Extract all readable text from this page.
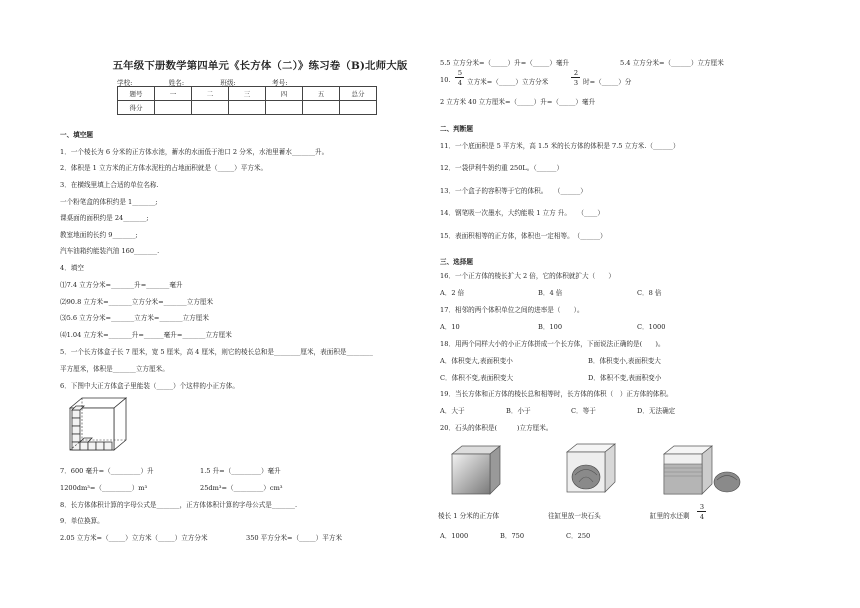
五年级下册数学第四单元《长方体（二）》练习卷（B)北师大版
学校:___________姓名:___________班级:___________考号:___________
题号	一	二	三	四	五	总分
得分						
一、填空题
1．一个棱长为 6 分米的正方体水池，蓄水的水面低于池口 2 分米，水池里蓄水_______升。
2．体积是 1 立方米的正方体水泥柱的占地面积就是（_____）平方米。
3．在横线里填上合适的单位名称.
一个粉笔盒的体积约是 1_______;
课桌面的面积约是 24_______;
教室地面的长约 9_______;
汽车油箱约能装汽油 160_______.
4．填空
⑴7.4 立方分米=_______升=_______毫升
⑵90.8 立方米=_______立方分米=_______立方厘米
⑶5.6 立方分米=_______立方米=_______立方厘米
⑷1.04 立方米=_______升=______毫升=_______立方厘米
5．一个长方体盒子长 7 厘米，宽 5 厘米，高 4 厘米，则它的棱长总和是________厘米，表面积是________
平方厘米，体积是_______立方厘米。
6．下图中大正方体盒子里能装（_____）个这样的小正方体。
7．600 毫升=（_________）升	1.5 升=（_________）毫升
1200dm³=（_________）m³	25dm³=（_________）cm³
8．长方体体积计算的字母公式是_______，正方体体积计算的字母公式是_______.
9．单位换算。
2.05 立方米=（_____）立方米（_____）立方分米	350 平方分米=（_____）平方米
5.5 立方分米=（_____）升=（_____）毫升	5.4 立方分米=（______）立方厘米
10.
5
4 立方米=（_____）立方分米
2
3 时=（_____）分
2 立方米 40 立方厘米=（_____）升=（_____）毫升
二、判断题
11．一个底面积是 5 平方米，高 1.5 米的长方体的体积是 7.5 立方米.（______）
12．一袋伊利牛奶约重 250L。（______）
13．一个盒子的容积等于它的体积。　　（______）
14．钢笔吸一次墨水，大约能吸 1 立方 升。　　（____）
15．表面积相等的正方体，体积也一定相等。　（______）
三、选择题
16．一个正方体的棱长扩大 2 倍，它的体积就扩大（　　）
A．2 倍	B．4 倍	C．8 倍
17．相邻的两个体积单位之间的进率是（　　）。
A．10	B．100	C．1000
18．用两个同样大小的小正方体拼成一个长方体，下面说法正确的是(　　)。
A．体积变大,表面积变小	B．体积变小,表面积变大
C．体积不变,表面积变大	D．体积不变,表面积变小
19．当长方体和正方体的棱长总和相等时，长方体的体积（　）正方体的体积。
A．大于	B．小于	C．等于	D．无法确定
20．石头的体积是(　　　)立方厘米。
棱长 1 分米的正方体	往缸里放一块石头	缸里的水还剩
3
4
A．1000	B．750	C．250
